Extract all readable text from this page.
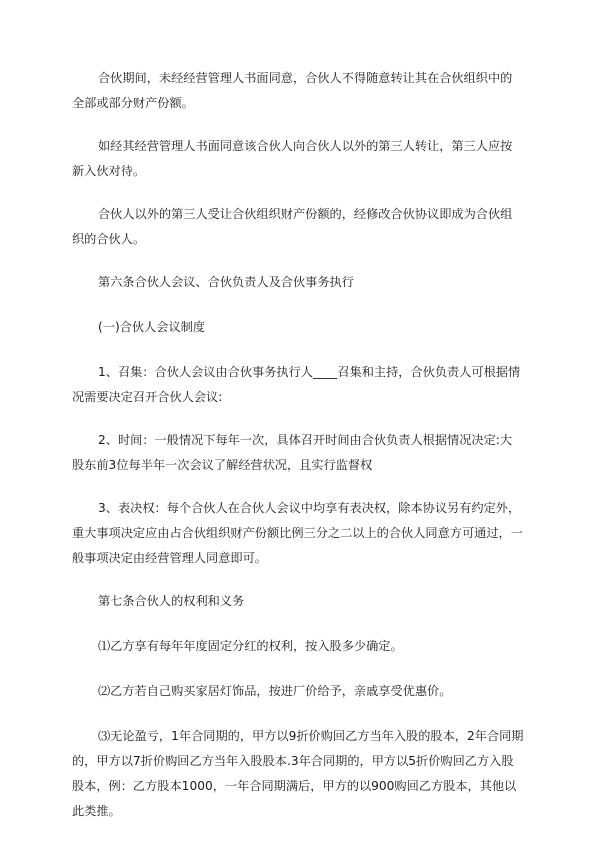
合伙期间，未经经营管理人书面同意，合伙人不得随意转让其在合伙组织中的全部或部分财产份额。

如经其经营管理人书面同意该合伙人向合伙人以外的第三人转让，第三人应按新入伙对待。

合伙人以外的第三人受让合伙组织财产份额的，经修改合伙协议即成为合伙组织的合伙人。

第六条合伙人会议、合伙负责人及合伙事务执行

(一)合伙人会议制度

1、召集：合伙人会议由合伙事务执行人____召集和主持，合伙负责人可根据情况需要决定召开合伙人会议:

2、时间：一般情况下每年一次，具体召开时间由合伙负责人根据情况决定:大股东前3位每半年一次会议了解经营状况，且实行监督权

3、表决权：每个合伙人在合伙人会议中均享有表决权，除本协议另有约定外，重大事项决定应由占合伙组织财产份额比例三分之二以上的合伙人同意方可通过，一般事项决定由经营管理人同意即可。

第七条合伙人的权利和义务

⑴乙方享有每年年度固定分红的权利，按入股多少确定。

⑵乙方若自己购买家居灯饰品，按进厂价给予，亲戚享受优惠价。

⑶无论盈亏，1年合同期的，甲方以9折价购回乙方当年入股的股本，2年合同期的，甲方以7折价购回乙方当年入股股本.3年合同期的，甲方以5折价购回乙方入股股本，例：乙方股本1000，一年合同期满后，甲方的以900购回乙方股本，其他以此类推。
